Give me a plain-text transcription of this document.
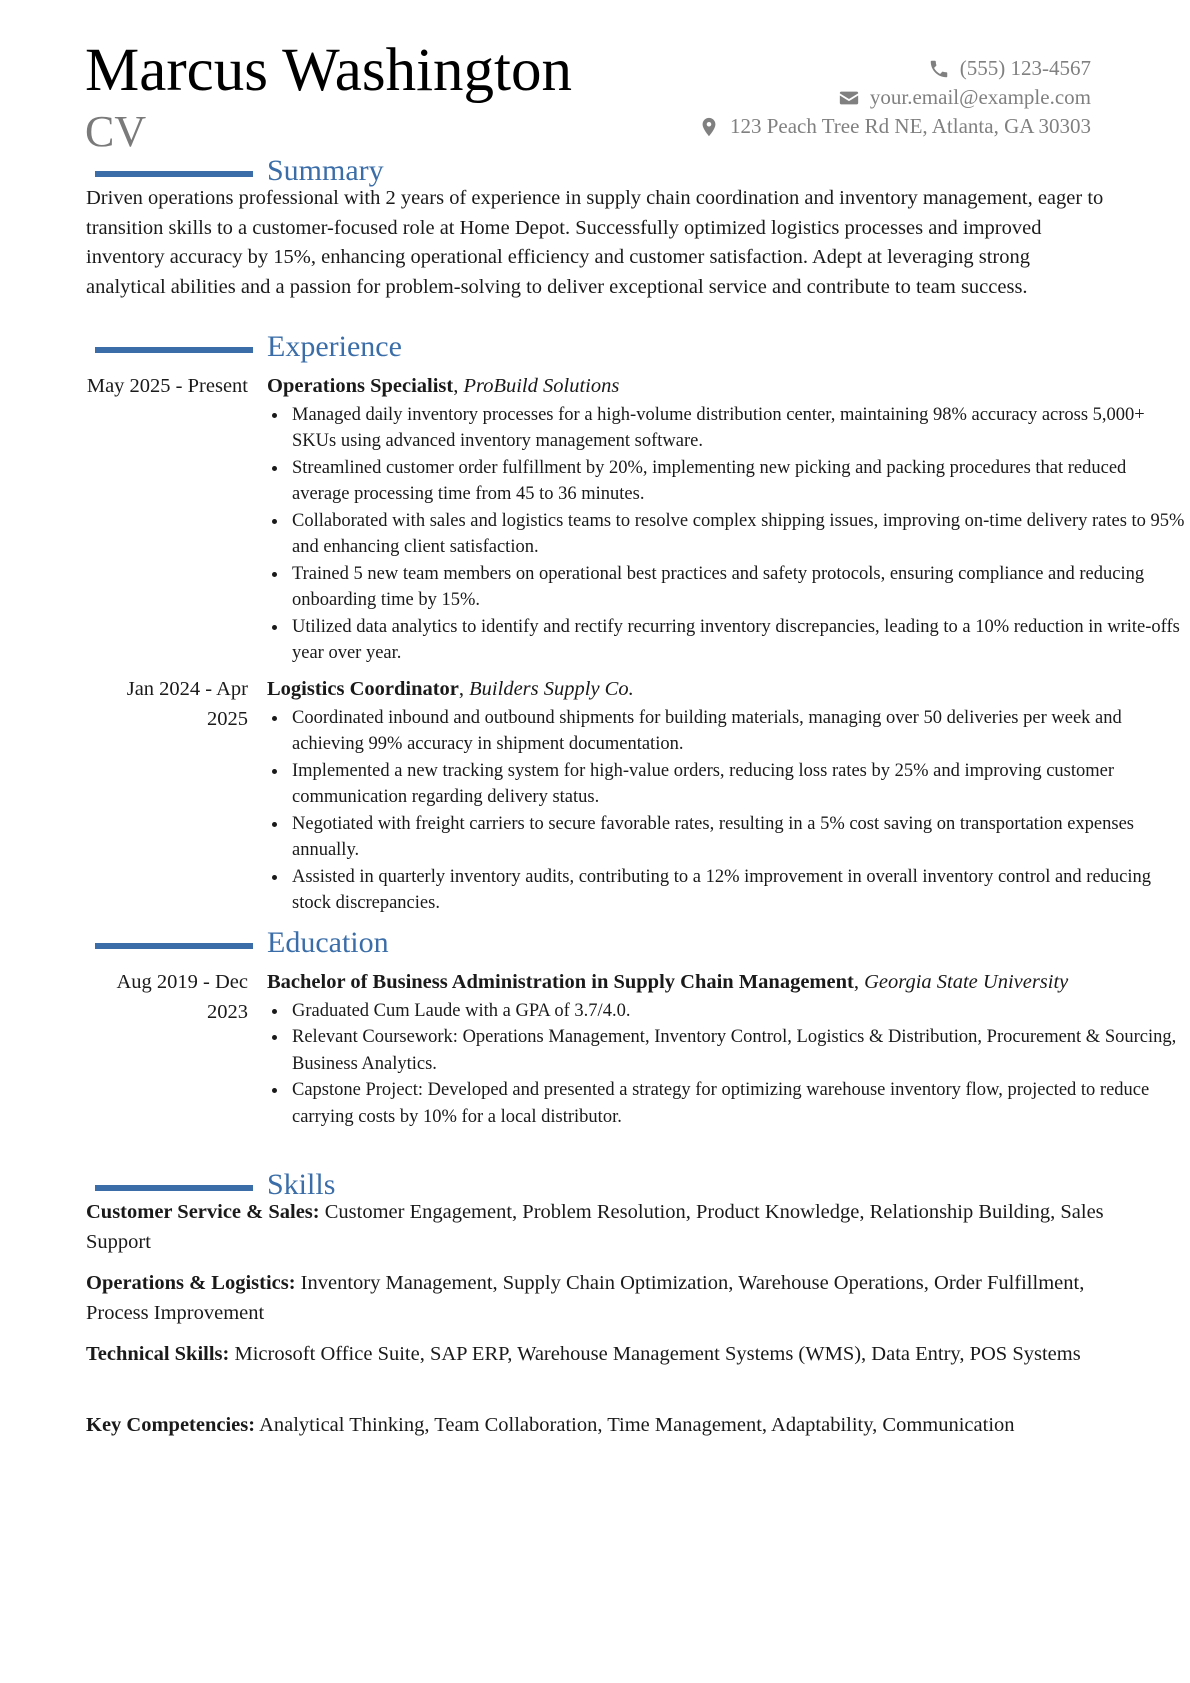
Marcus Washington
CV
(555) 123-4567
your.email@example.com
123 Peach Tree Rd NE, Atlanta, GA 30303
Summary
Driven operations professional with 2 years of experience in supply chain coordination and inventory management, eager to transition skills to a customer-focused role at Home Depot. Successfully optimized logistics processes and improved inventory accuracy by 15%, enhancing operational efficiency and customer satisfaction. Adept at leveraging strong analytical abilities and a passion for problem-solving to deliver exceptional service and contribute to team success.
Experience
May 2025 - Present Operations Specialist, ProBuild Solutions
Managed daily inventory processes for a high-volume distribution center, maintaining 98% accuracy across 5,000+ SKUs using advanced inventory management software.
Streamlined customer order fulfillment by 20%, implementing new picking and packing procedures that reduced average processing time from 45 to 36 minutes.
Collaborated with sales and logistics teams to resolve complex shipping issues, improving on-time delivery rates to 95% and enhancing client satisfaction.
Trained 5 new team members on operational best practices and safety protocols, ensuring compliance and reducing onboarding time by 15%.
Utilized data analytics to identify and rectify recurring inventory discrepancies, leading to a 10% reduction in write-offs year over year.
Jan 2024 - Apr 2025
Logistics Coordinator, Builders Supply Co.
Coordinated inbound and outbound shipments for building materials, managing over 50 deliveries per week and achieving 99% accuracy in shipment documentation.
Implemented a new tracking system for high-value orders, reducing loss rates by 25% and improving customer communication regarding delivery status.
Negotiated with freight carriers to secure favorable rates, resulting in a 5% cost saving on transportation expenses annually.
Assisted in quarterly inventory audits, contributing to a 12% improvement in overall inventory control and reducing stock discrepancies.
Education
Aug 2019 - Dec 2023
Bachelor of Business Administration in Supply Chain Management, Georgia State University
Graduated Cum Laude with a GPA of 3.7/4.0.
Relevant Coursework: Operations Management, Inventory Control, Logistics & Distribution, Procurement & Sourcing, Business Analytics.
Capstone Project: Developed and presented a strategy for optimizing warehouse inventory flow, projected to reduce carrying costs by 10% for a local distributor.
Skills
Customer Service & Sales: Customer Engagement, Problem Resolution, Product Knowledge, Relationship Building, Sales Support
Operations & Logistics: Inventory Management, Supply Chain Optimization, Warehouse Operations, Order Fulfillment, Process Improvement
Technical Skills: Microsoft Office Suite, SAP ERP, Warehouse Management Systems (WMS), Data Entry, POS Systems
Key Competencies: Analytical Thinking, Team Collaboration, Time Management, Adaptability, Communication
